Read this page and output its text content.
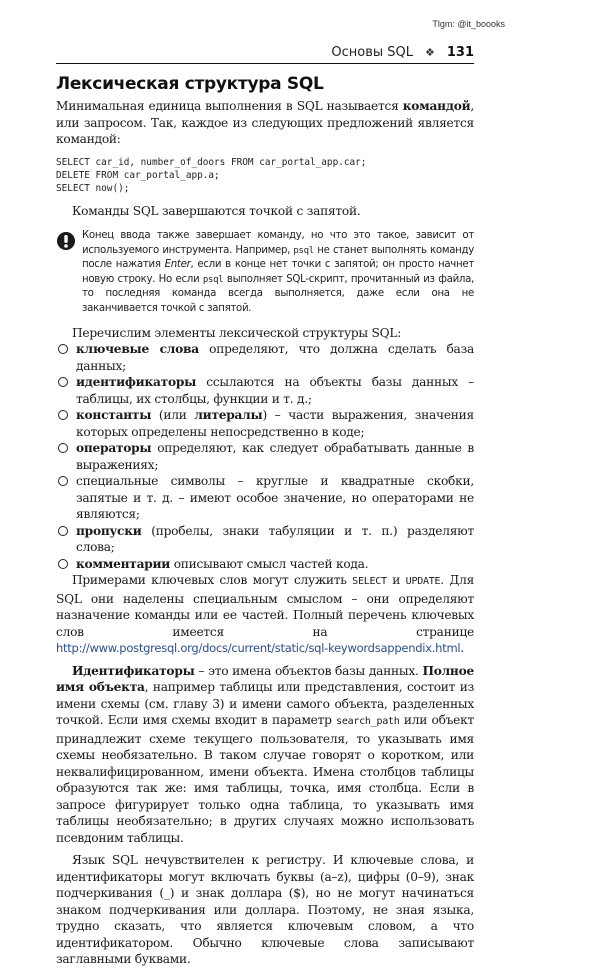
Tlgm: @it_boooks
Основы SQL ❖ 131
Лексическая структура SQL

Минимальная единица выполнения в SQL называется командой, или запросом. Так, каждое из следующих предложений является командой:

SELECT car_id, number_of_doors FROM car_portal_app.car;
DELETE FROM car_portal_app.a;
SELECT now();

Команды SQL завершаются точкой с запятой.

Конец ввода также завершает команду, но что это такое, зависит от используемого инструмента. Например, psql не станет выполнять команду после нажатия Enter, если в конце нет точки с запятой; он просто начнет новую строку. Но если psql выполняет SQL-скрипт, прочитанный из файла, то последняя команда всегда выполняется, даже если она не заканчивается точкой с запятой.

Перечислим элементы лексической структуры SQL:

ключевые слова определяют, что должна сделать база данных;
идентификаторы ссылаются на объекты базы данных – таблицы, их столбцы, функции и т. д.;
константы (или литералы) – части выражения, значения которых определены непосредственно в коде;
операторы определяют, как следует обрабатывать данные в выражениях;
специальные символы – круглые и квадратные скобки, запятые и т. д. – имеют особое значение, но операторами не являются;
пропуски (пробелы, знаки табуляции и т. п.) разделяют слова;
комментарии описывают смысл частей кода.

Примерами ключевых слов могут служить SELECT и UPDATE. Для SQL они наделены специальным смыслом – они определяют назначение команды или ее частей. Полный перечень ключевых слов имеется на странице http://www.postgresql.org/docs/current/static/sql-keywordsappendix.html.

Идентификаторы – это имена объектов базы данных. Полное имя объекта, например таблицы или представления, состоит из имени схемы (см. главу 3) и имени самого объекта, разделенных точкой. Если имя схемы входит в параметр search_path или объект принадлежит схеме текущего пользователя, то указывать имя схемы необязательно. В таком случае говорят о коротком, или неквалифицированном, имени объекта. Имена столбцов таблицы образуются так же: имя таблицы, точка, имя столбца. Если в запросе фигурирует только одна таблица, то указывать имя таблицы необязательно; в других случаях можно использовать псевдоним таблицы.

Язык SQL нечувствителен к регистру. И ключевые слова, и идентификаторы могут включать буквы (a–z), цифры (0–9), знак подчеркивания (_) и знак доллара ($), но не могут начинаться знаком подчеркивания или доллара. Поэтому, не зная языка, трудно сказать, что является ключевым словом, а что идентификатором. Обычно ключевые слова записывают заглавными буквами.
